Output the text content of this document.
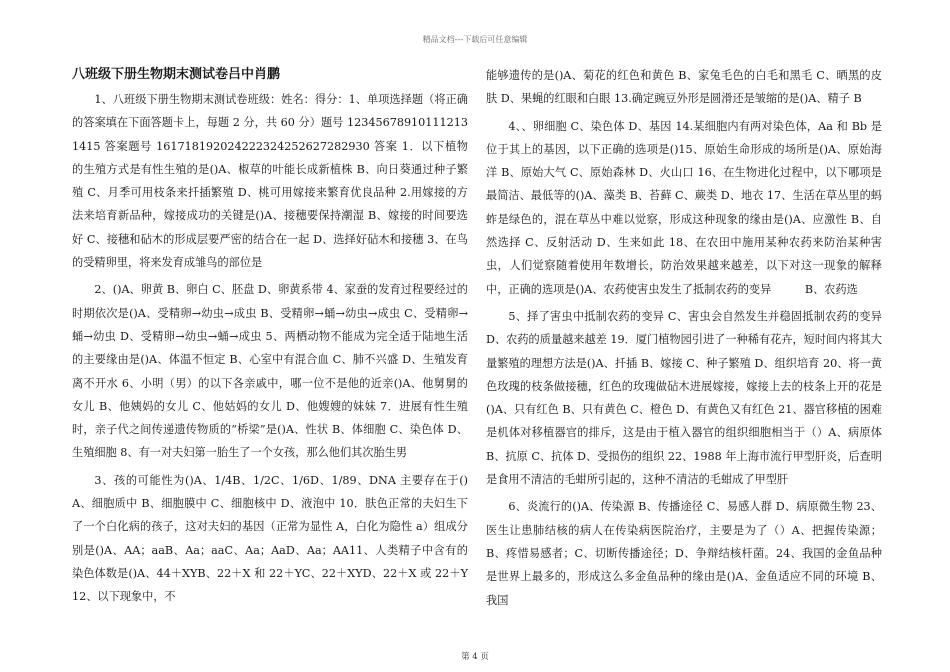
精品文档---下载后可任意编辑
八班级下册生物期末测试卷吕中肖鹏

1、八班级下册生物期末测试卷班级：姓名：得分：1、单项选择题（将正确的答案填在下面答题卡上，每题 2 分，共 60 分）题号 123456789101112131415 答案题号 161718192024222324252627282930 答案 1．以下植物的生殖方式是有性生殖的是()A、椒草的叶能长成新植株 B、向日葵通过种子繁殖 C、月季可用枝条来扦插繁殖 D、桃可用嫁接来繁育优良品种 2.用嫁接的方法来培育新品种，嫁接成功的关键是()A、接穗要保持潮湿 B、嫁接的时间要选好 C、接穗和砧木的形成层要严密的结合在一起 D、选择好砧木和接穗 3、在鸟的受精卵里，将来发育成雏鸟的部位是

2、()A、卵黄 B、卵白 C、胚盘 D、卵黄系带 4、家蚕的发育过程要经过的时期依次是()A、受精卵→幼虫→成虫 B、受精卵→蛹→幼虫→成虫 C、受精卵→蛹→幼虫 D、受精卵→幼虫→蛹→成虫 5、两栖动物不能成为完全适于陆地生活的主要缘由是()A、体温不恒定 B、心室中有混合血 C、肺不兴盛 D、生殖发育离不开水 6、小明（男）的以下各亲戚中，哪一位不是他的近亲()A、他舅舅的女儿 B、他姨妈的女儿 C、他姑妈的女儿 D、他嫂嫂的妹妹 7．进展有性生殖时，亲子代之间传递遗传物质的“桥梁”是()A、性状 B、体细胞 C、染色体 D、生殖细胞 8、有一对夫妇第一胎生了一个女孩，那么他们其次胎生男

3、孩的可能性为()A、1/4B、1/2C、1/6D、1/89、DNA 主要存在于()A、细胞质中 B、细胞膜中 C、细胞核中 D、液泡中 10．肤色正常的夫妇生下了一个白化病的孩子，这对夫妇的基因（正常为显性 A，白化为隐性 a）组成分别是()A、AA；aaB、Aa；aaC、Aa；AaD、Aa；AA11、人类精子中含有的染色体数是()A、44＋XYB、22＋X 和 22＋YC、22＋XYD、22＋X 或 22＋Y12、以下现象中，不

能够遗传的是()A、菊花的红色和黄色 B、家兔毛色的白毛和黑毛 C、晒黑的皮肤 D、果蝇的红眼和白眼 13.确定豌豆外形是圆滑还是皱缩的是()A、精子 B

4、、卵细胞 C、染色体 D、基因 14.某细胞内有两对染色体，Aa 和 Bb 是位于其上的基因，以下正确的选项是()15、原始生命形成的场所是()A、原始海洋 B、原始大气 C、原始森林 D、火山口 16、在生物进化过程中，以下哪项是最简洁、最低等的()A、藻类 B、苔藓 C、蕨类 D、地衣 17、生活在草丛里的蚂蚱是绿色的，混在草丛中难以觉察，形成这种现象的缘由是()A、应激性 B、自然选择 C、反射活动 D、生来如此 18、在农田中施用某种农药来防治某种害虫，人们觉察随着使用年数增长，防治效果越来越差，以下对这一现象的解释中，正确的选项是()A、农药使害虫发生了抵制农药的变异　　　B、农药选

5、择了害虫中抵制农药的变异 C、害虫会自然发生并稳固抵制农药的变异　　D、农药的质量越来越差 19．厦门植物园引进了一种稀有花卉，短时间内将其大量繁殖的理想方法是()A、扦插 B、嫁接 C、种子繁殖 D、组织培育 20、将一黄色玫瑰的枝条做接穗，红色的玫瑰做砧木进展嫁接，嫁接上去的枝条上开的花是()A、只有红色 B、只有黄色 C、橙色 D、有黄色又有红色 21、器官移植的困难是机体对移植器官的排斥，这是由于植入器官的组织细胞相当于（）A、病原体 B、抗原 C、抗体 D、受损伤的组织 22、1988 年上海市流行甲型肝炎，后查明是食用不清洁的毛蚶所引起的，这种不清洁的毛蚶成了甲型肝

6、炎流行的()A、传染源 B、传播途径 C、易感人群 D、病原微生物 23、医生让患肺结核的病人在传染病医院治疗，主要是为了（）A、把握传染源；B、疼惜易感者；C、切断传播途径；D、争辩结核杆菌。24、我国的金鱼品种是世界上最多的，形成这么多金鱼品种的缘由是()A、金鱼适应不同的环境 B、我国

第 4 页
